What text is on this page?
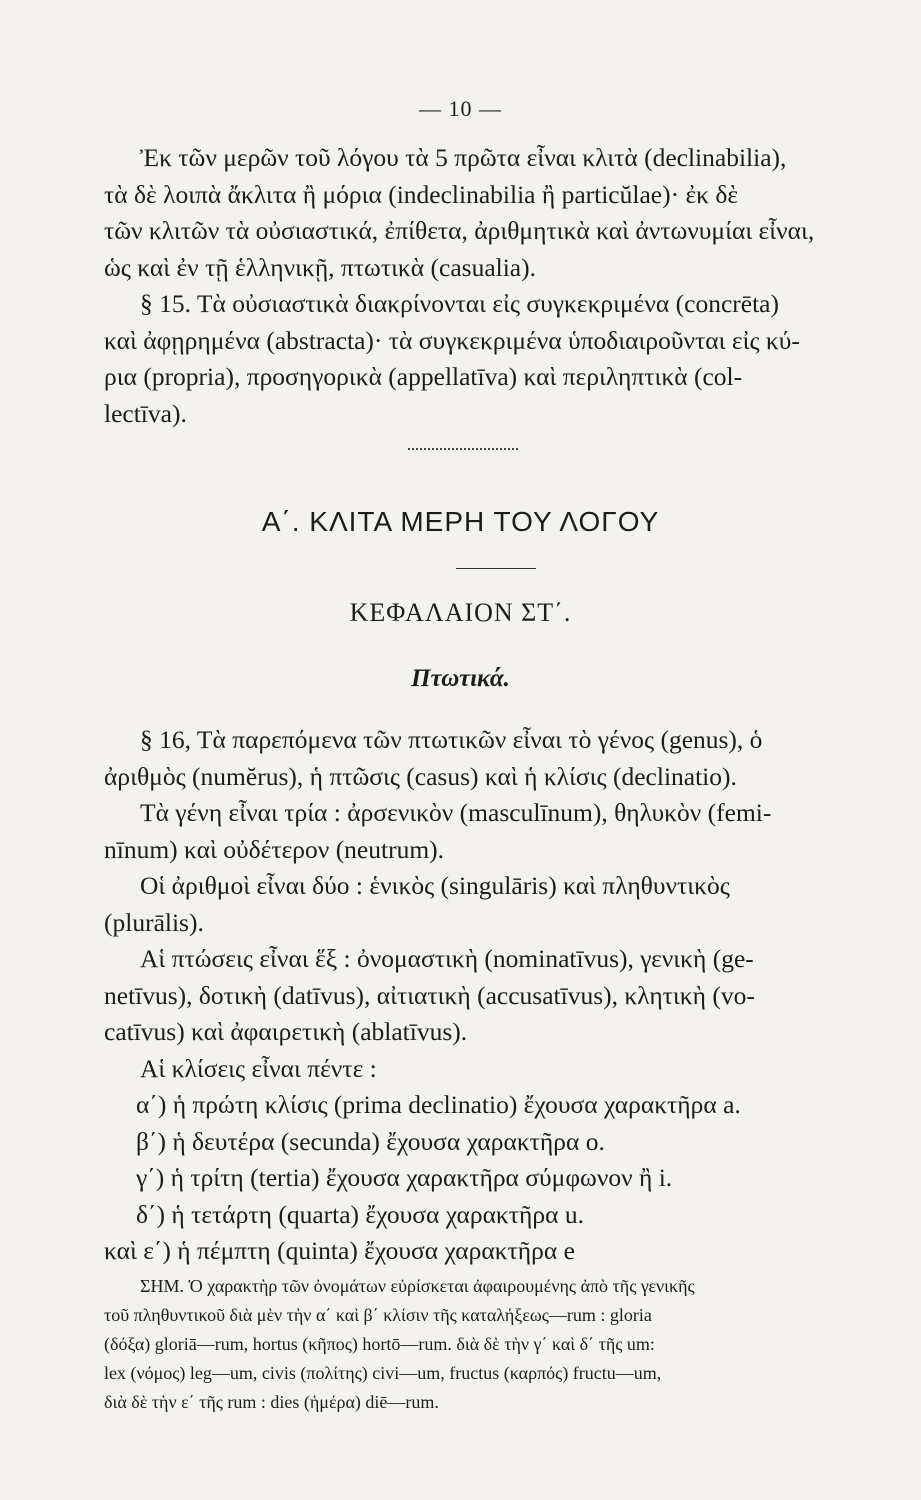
— 10 —
Ἐκ τῶν μερῶν τοῦ λόγου τὰ 5 πρῶτα εἶναι κλιτὰ (declinabilia),
τὰ δὲ λοιπὰ ἄκλιτα ἢ μόρια (indeclinabilia ἢ particŭlae)· ἐκ δὲ
τῶν κλιτῶν τὰ οὐσιαστικά, ἐπίθετα, ἀριθμητικὰ καὶ ἀντωνυμίαι εἶναι,
ὡς καὶ ἐν τῇ ἑλληνικῇ, πτωτικὰ (casualia).
§ 15. Τὰ οὐσιαστικὰ διακρίνονται εἰς συγκεκριμένα (concrēta)
καὶ ἀφῃρημένα (abstracta)· τὰ συγκεκριμένα ὑποδιαιροῦνται εἰς κύ-
ρια (propria), προσηγορικὰ (appellatīva) καὶ περιληπτικὰ (col-
lectīva).
Α΄. ΚΛΙΤΑ ΜΕΡΗ ΤΟΥ ΛΟΓΟΥ
ΚΕΦΑΛΑΙΟΝ ΣΤ΄.
Πτωτικά.
§ 16, Τὰ παρεπόμενα τῶν πτωτικῶν εἶναι τὸ γένος (genus), ὁ
ἀριθμὸς (numĕrus), ἡ πτῶσις (casus) καὶ ἡ κλίσις (declinatio).
Τὰ γένη εἶναι τρία : ἀρσενικὸν (masculīnum), θηλυκὸν (femi-
nīnum) καὶ οὐδέτερον (neutrum).
Οἱ ἀριθμοὶ εἶναι δύο : ἑνικὸς (singulāris) καὶ πληθυντικὸς
(plurālis).
Αἱ πτώσεις εἶναι ἕξ : ὀνομαστικὴ (nominatīvus), γενικὴ (ge-
netīvus), δοτικὴ (datīvus), αἰτιατικὴ (accusatīvus), κλητικὴ (vo-
catīvus) καὶ ἀφαιρετικὴ (ablatīvus).
Αἱ κλίσεις εἶναι πέντε :
α΄) ἡ πρώτη κλίσις (prima declinatio) ἔχουσα χαρακτῆρα a.
β΄) ἡ δευτέρα (secunda) ἔχουσα χαρακτῆρα o.
γ΄) ἡ τρίτη (tertia) ἔχουσα χαρακτῆρα σύμφωνον ἢ i.
δ΄) ἡ τετάρτη (quarta) ἔχουσα χαρακτῆρα u.
καὶ ε΄) ἡ πέμπτη (quinta) ἔχουσα χαρακτῆρα e
ΣΗΜ. Ὁ χαρακτὴρ τῶν ὀνομάτων εὑρίσκεται ἀφαιρουμένης ἀπὸ τῆς γενικῆς
τοῦ πληθυντικοῦ διὰ μὲν τὴν α΄ καὶ β΄ κλίσιν τῆς καταλήξεως—rum : gloria
(δόξα) gloriā—rum, hortus (κῆπος) hortō—rum. διὰ δὲ τὴν γ΄ καὶ δ΄ τῆς um:
lex (νόμος) leg—um, civis (πολίτης) civi—um, fructus (καρπός) fructu—um,
διὰ δὲ τὴν ε΄ τῆς rum : dies (ἡμέρα) diē—rum.
